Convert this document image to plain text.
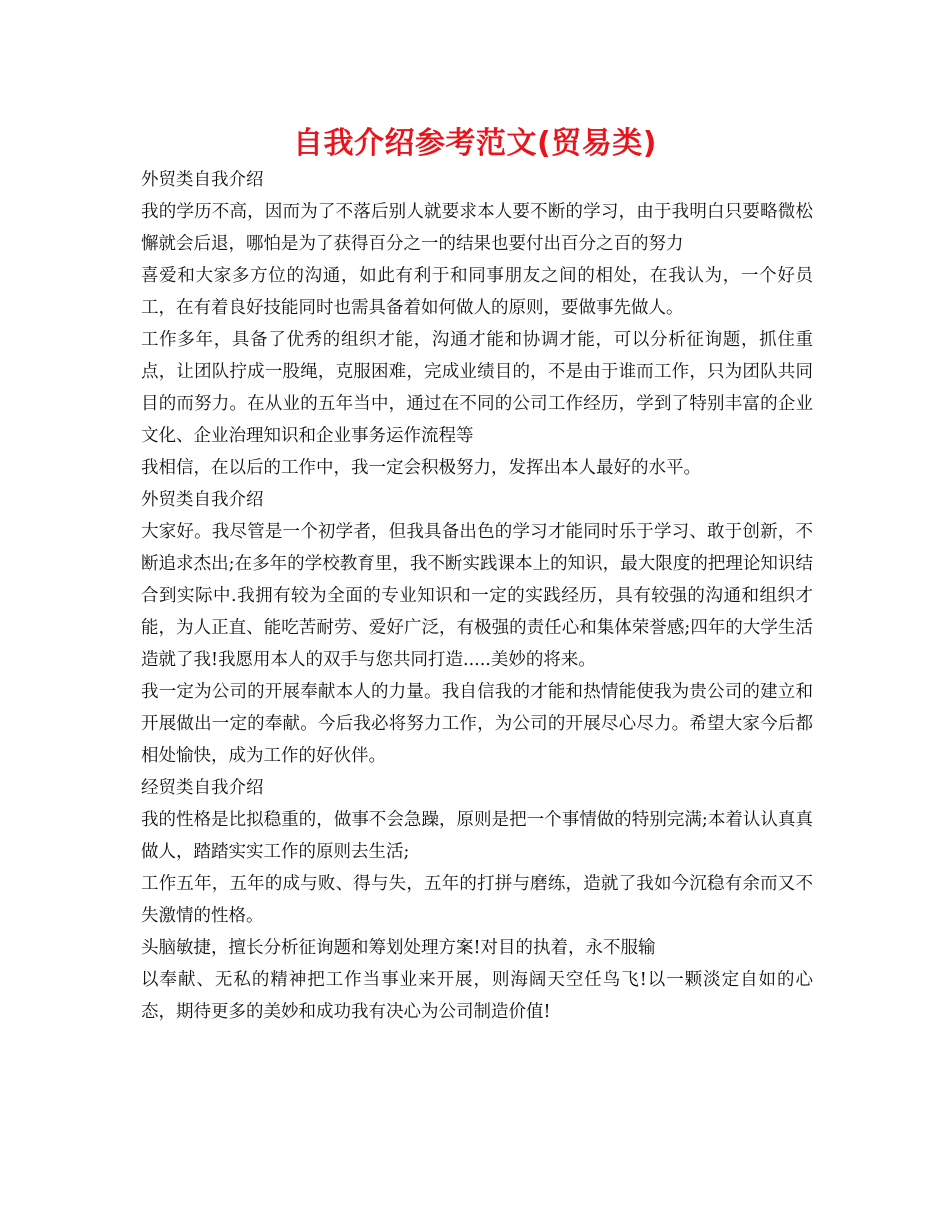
自我介绍参考范文(贸易类)

外贸类自我介绍

我的学历不高，因而为了不落后别人就要求本人要不断的学习，由于我明白只要略微松懈就会后退，哪怕是为了获得百分之一的结果也要付出百分之百的努力

喜爱和大家多方位的沟通，如此有利于和同事朋友之间的相处，在我认为，一个好员工，在有着良好技能同时也需具备着如何做人的原则，要做事先做人。

工作多年，具备了优秀的组织才能，沟通才能和协调才能，可以分析征询题，抓住重点，让团队拧成一股绳，克服困难，完成业绩目的，不是由于谁而工作，只为团队共同目的而努力。在从业的五年当中，通过在不同的公司工作经历，学到了特别丰富的企业文化、企业治理知识和企业事务运作流程等

我相信，在以后的工作中，我一定会积极努力，发挥出本人最好的水平。

外贸类自我介绍

大家好。我尽管是一个初学者，但我具备出色的学习才能同时乐于学习、敢于创新，不断追求杰出;在多年的学校教育里，我不断实践课本上的知识，最大限度的把理论知识结合到实际中.我拥有较为全面的专业知识和一定的实践经历，具有较强的沟通和组织才能，为人正直、能吃苦耐劳、爱好广泛，有极强的责任心和集体荣誉感;四年的大学生活造就了我!我愿用本人的双手与您共同打造.....美妙的将来。

我一定为公司的开展奉献本人的力量。我自信我的才能和热情能使我为贵公司的建立和开展做出一定的奉献。今后我必将努力工作，为公司的开展尽心尽力。希望大家今后都相处愉快，成为工作的好伙伴。

经贸类自我介绍

我的性格是比拟稳重的，做事不会急躁，原则是把一个事情做的特别完满;本着认认真真做人，踏踏实实工作的原则去生活;

工作五年，五年的成与败、得与失，五年的打拼与磨练，造就了我如今沉稳有余而又不失激情的性格。

头脑敏捷，擅长分析征询题和筹划处理方案!对目的执着，永不服输

以奉献、无私的精神把工作当事业来开展，则海阔天空任鸟飞!以一颗淡定自如的心态，期待更多的美妙和成功我有决心为公司制造价值!
